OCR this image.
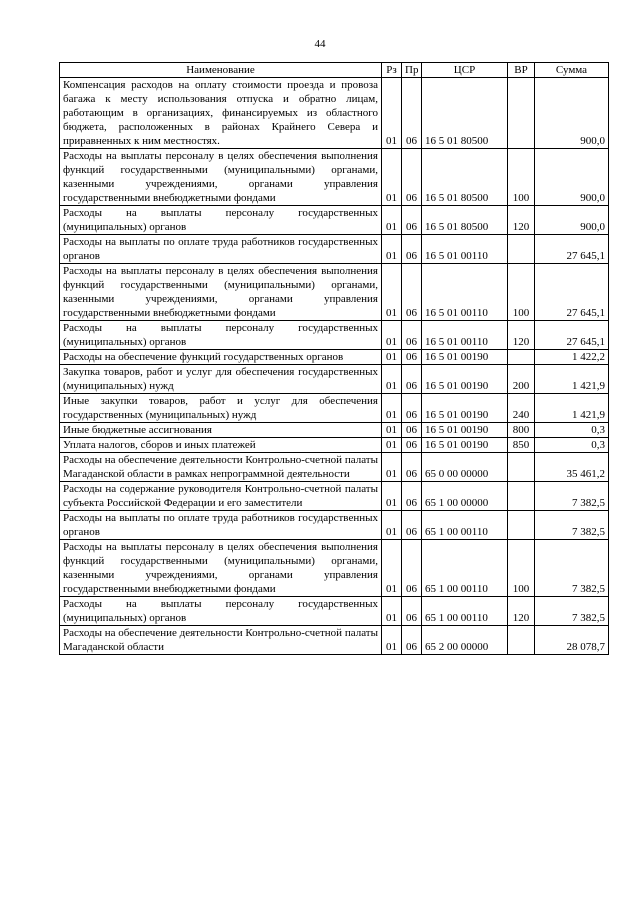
44
Наименование	Рз	Пр	ЦСР	ВР	Сумма
Компенсация расходов на оплату стоимости проезда и провоза багажа к месту использования отпуска и обратно лицам, работающим в организациях, финансируемых из областного бюджета, расположенных в районах Крайнего Севера и приравненных к ним местностях.	01	06	16 5 01 80500		900,0
Расходы на выплаты персоналу в целях обеспечения выполнения функций государственными (муниципальными) органами, казенными учреждениями, органами управления государственными внебюджетными фондами	01	06	16 5 01 80500	100	900,0
Расходы на выплаты персоналу государственных (муниципальных) органов	01	06	16 5 01 80500	120	900,0
Расходы на выплаты по оплате труда работников государственных органов	01	06	16 5 01 00110		27 645,1
Расходы на выплаты персоналу в целях обеспечения выполнения функций государственными (муниципальными) органами, казенными учреждениями, органами управления государственными внебюджетными фондами	01	06	16 5 01 00110	100	27 645,1
Расходы на выплаты персоналу государственных (муниципальных) органов	01	06	16 5 01 00110	120	27 645,1
Расходы на обеспечение функций государственных органов	01	06	16 5 01 00190		1 422,2
Закупка товаров, работ и услуг для обеспечения государственных (муниципальных) нужд	01	06	16 5 01 00190	200	1 421,9
Иные закупки товаров, работ и услуг для обеспечения государственных (муниципальных) нужд	01	06	16 5 01 00190	240	1 421,9
Иные бюджетные ассигнования	01	06	16 5 01 00190	800	0,3
Уплата налогов, сборов и иных платежей	01	06	16 5 01 00190	850	0,3
Расходы на обеспечение деятельности Контрольно-счетной палаты Магаданской области в рамках непрограммной деятельности	01	06	65 0 00 00000		35 461,2
Расходы на содержание руководителя Контрольно-счетной палаты субъекта Российской Федерации и его заместители	01	06	65 1 00 00000		7 382,5
Расходы на выплаты по оплате труда работников государственных органов	01	06	65 1 00 00110		7 382,5
Расходы на выплаты персоналу в целях обеспечения выполнения функций государственными (муниципальными) органами, казенными учреждениями, органами управления государственными внебюджетными фондами	01	06	65 1 00 00110	100	7 382,5
Расходы на выплаты персоналу государственных (муниципальных) органов	01	06	65 1 00 00110	120	7 382,5
Расходы на обеспечение деятельности Контрольно-счетной палаты Магаданской области	01	06	65 2 00 00000		28 078,7
